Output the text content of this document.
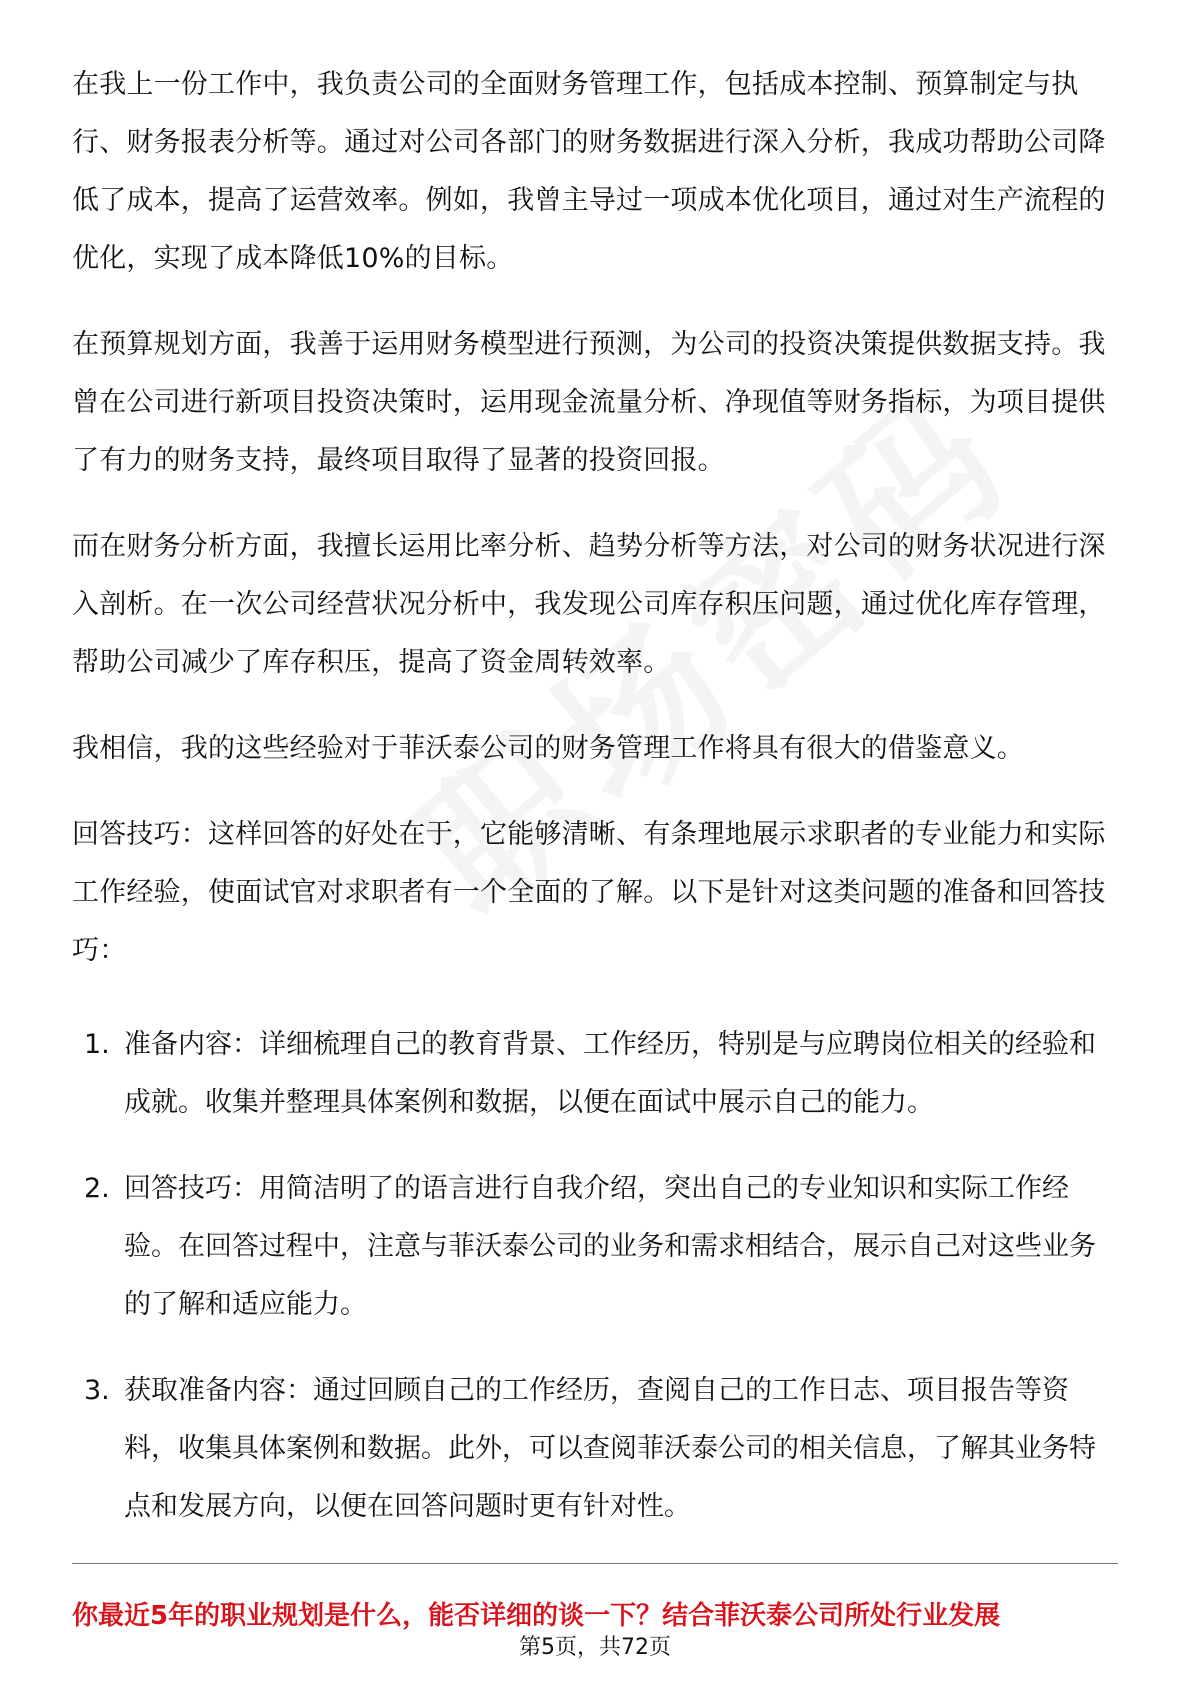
在我上一份工作中，我负责公司的全面财务管理工作，包括成本控制、预算制定与执行、财务报表分析等。通过对公司各部门的财务数据进行深入分析，我成功帮助公司降低了成本，提高了运营效率。例如，我曾主导过一项成本优化项目，通过对生产流程的优化，实现了成本降低10%的目标。

在预算规划方面，我善于运用财务模型进行预测，为公司的投资决策提供数据支持。我曾在公司进行新项目投资决策时，运用现金流量分析、净现值等财务指标，为项目提供了有力的财务支持，最终项目取得了显著的投资回报。

而在财务分析方面，我擅长运用比率分析、趋势分析等方法，对公司的财务状况进行深入剖析。在一次公司经营状况分析中，我发现公司库存积压问题，通过优化库存管理，帮助公司减少了库存积压，提高了资金周转效率。

我相信，我的这些经验对于菲沃泰公司的财务管理工作将具有很大的借鉴意义。

回答技巧：这样回答的好处在于，它能够清晰、有条理地展示求职者的专业能力和实际工作经验，使面试官对求职者有一个全面的了解。以下是针对这类问题的准备和回答技巧：

1. 准备内容：详细梳理自己的教育背景、工作经历，特别是与应聘岗位相关的经验和成就。收集并整理具体案例和数据，以便在面试中展示自己的能力。
2. 回答技巧：用简洁明了的语言进行自我介绍，突出自己的专业知识和实际工作经验。在回答过程中，注意与菲沃泰公司的业务和需求相结合，展示自己对这些业务的了解和适应能力。
3. 获取准备内容：通过回顾自己的工作经历，查阅自己的工作日志、项目报告等资料，收集具体案例和数据。此外，可以查阅菲沃泰公司的相关信息，了解其业务特点和发展方向，以便在回答问题时更有针对性。
你最近5年的职业规划是什么，能否详细的谈一下？结合菲沃泰公司所处行业发展
第5页，共72页
